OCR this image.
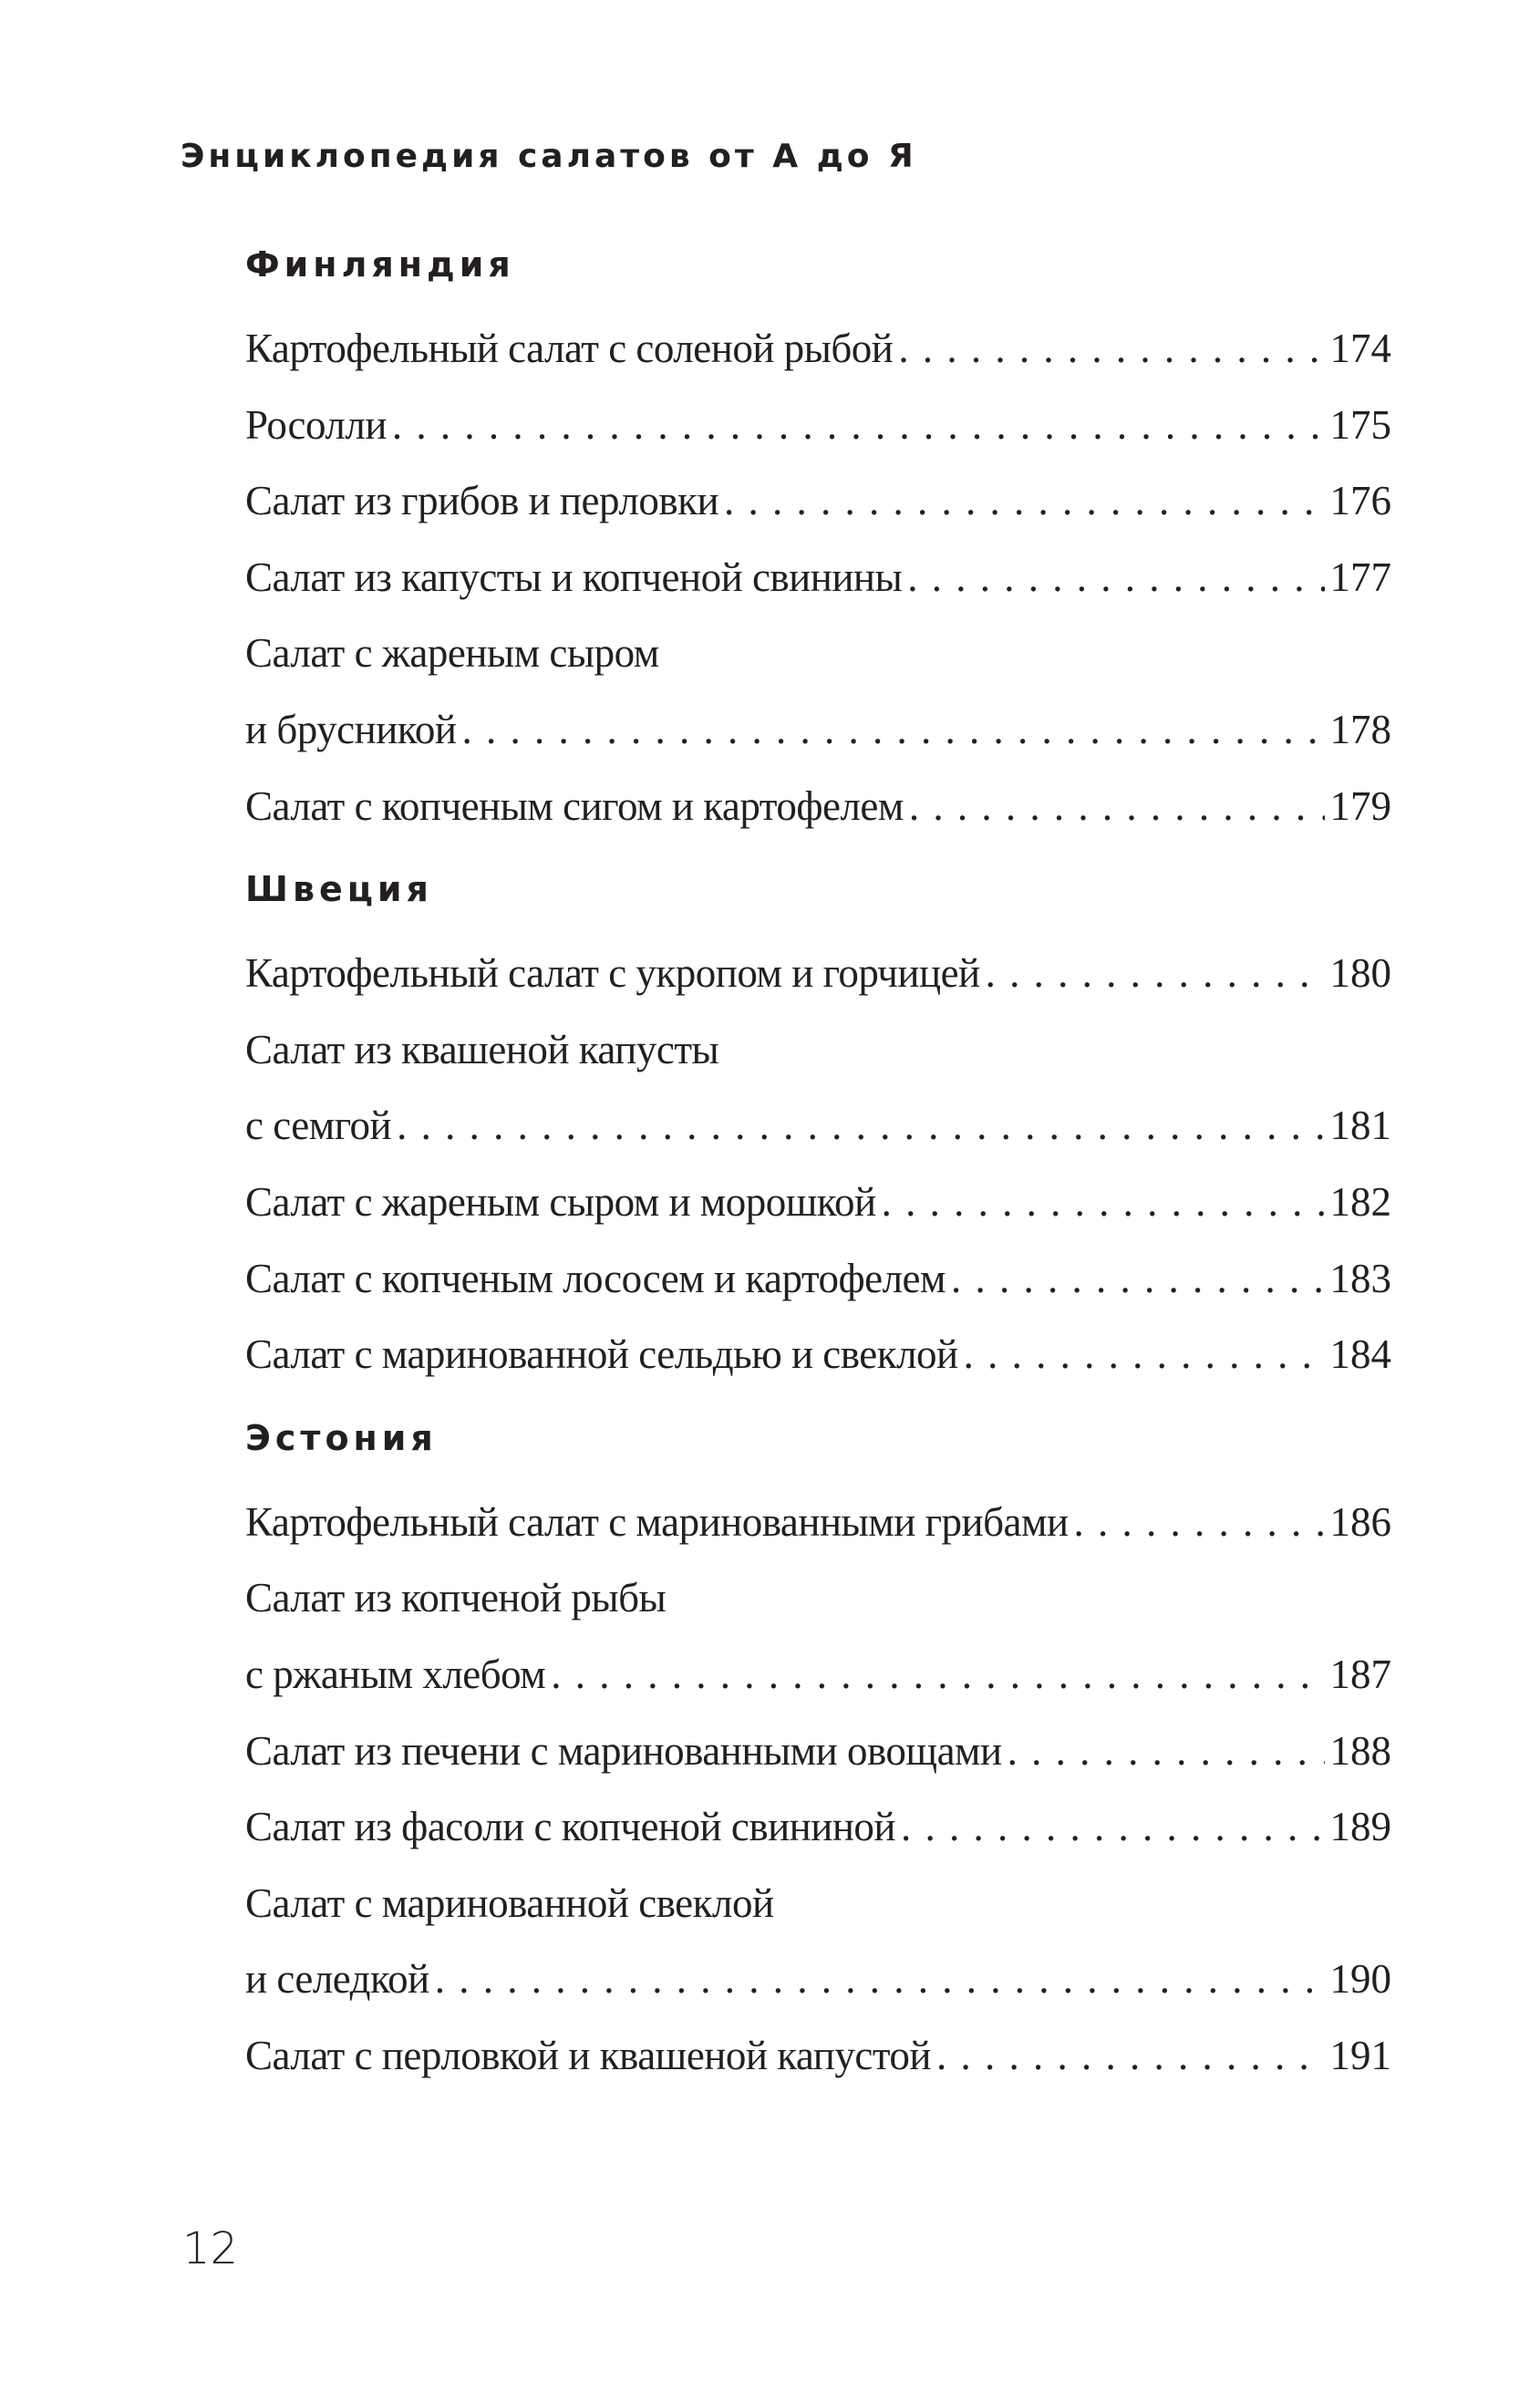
Энциклопедия салатов от А до Я
Финляндия
Картофельный салат с соленой рыбой . . .	174
Росолли . . .	175
Салат из грибов и перловки . . .	176
Салат из капусты и копченой свинины . . .	177
Салат с жареным сыром
и брусникой . . .	178
Салат с копченым сигом и картофелем . . .	179
Швеция
Картофельный салат с укропом и горчицей . . .	180
Салат из квашеной капусты
с семгой . . .	181
Салат с жареным сыром и морошкой . . .	182
Салат с копченым лососем и картофелем . . .	183
Салат с маринованной сельдью и свеклой . . .	184
Эстония
Картофельный салат с маринованными грибами . . .	186
Салат из копченой рыбы
с ржаным хлебом . . .	187
Салат из печени с маринованными овощами . . .	188
Салат из фасоли с копченой свининой . . .	189
Салат с маринованной свеклой
и селедкой . . .	190
Салат с перловкой и квашеной капустой . . .	191
12
